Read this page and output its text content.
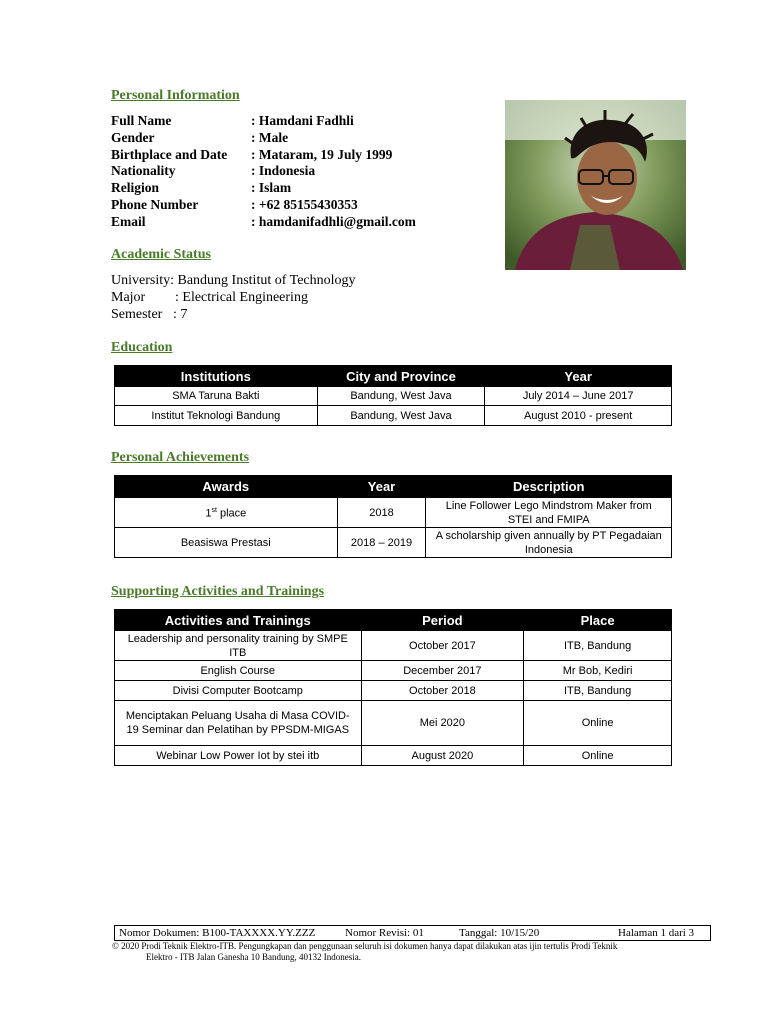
Personal Information
Full Name	: Hamdani Fadhli
Gender	: Male
Birthplace and Date : Mataram, 19 July 1999
Nationality	: Indonesia
Religion	: Islam
Phone Number	: +62 85155430353
Email	: hamdanifadhli@gmail.com
Academic Status
University: Bandung Institut of Technology
Major : Electrical Engineering
Semester : 7
Education
Institutions	City and Province	Year
SMA Taruna Bakti	Bandung, West Java	July 2014 – June 2017
Institut Teknologi Bandung	Bandung, West Java	August 2010 - present
Personal Achievements
Awards	Year	Description
1st place	2018	Line Follower Lego Mindstrom Maker from STEI and FMIPA
Beasiswa Prestasi	2018 – 2019	A scholarship given annually by PT Pegadaian Indonesia
Supporting Activities and Trainings
Activities and Trainings	Period	Place
Leadership and personality training by SMPE ITB	October 2017	ITB, Bandung
English Course	December 2017	Mr Bob, Kediri
Divisi Computer Bootcamp	October 2018	ITB, Bandung
Menciptakan Peluang Usaha di Masa COVID-19 Seminar dan Pelatihan by PPSDM-MIGAS	Mei 2020	Online
Webinar Low Power Iot by stei itb	August 2020	Online
Nomor Dokumen: B100-TAXXXX.YY.ZZZ	Nomor Revisi: 01	Tanggal: 10/15/20	Halaman 1 dari 3
© 2020 Prodi Teknik Elektro-ITB. Pengungkapan dan penggunaan seluruh isi dokumen hanya dapat dilakukan atas ijin tertulis Prodi Teknik
Elektro - ITB Jalan Ganesha 10 Bandung, 40132 Indonesia.
